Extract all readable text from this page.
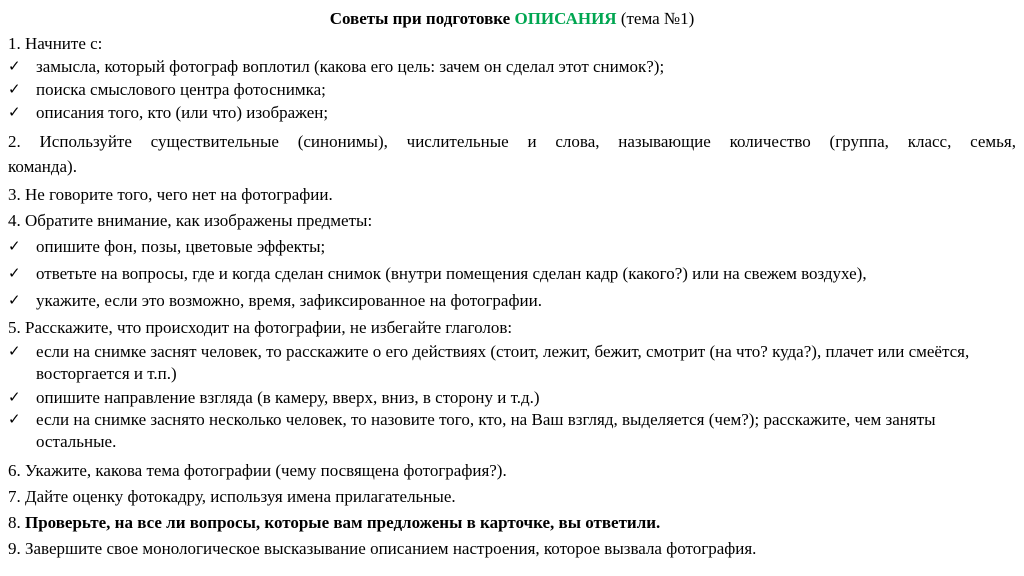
Советы при подготовке ОПИСАНИЯ (тема №1)
1. Начните с:
✓ замысла, который фотограф воплотил (какова его цель: зачем он сделал этот снимок?);
✓ поиска смыслового центра фотоснимка;
✓ описания того, кто (или что) изображен;
2. Используйте существительные (синонимы), числительные и слова, называющие количество (группа, класс, семья,
команда).
3. Не говорите того, чего нет на фотографии.
4. Обратите внимание, как изображены предметы:
✓ опишите фон, позы, цветовые эффекты;
✓ ответьте на вопросы, где и когда сделан снимок (внутри помещения сделан кадр (какого?) или на свежем воздухе),
✓ укажите, если это возможно, время, зафиксированное на фотографии.
5. Расскажите, что происходит на фотографии, не избегайте глаголов:
✓ если на снимке заснят человек, то расскажите о его действиях (стоит, лежит, бежит, смотрит (на что? куда?), плачет или смеётся, восторгается и т.п.)
✓ опишите направление взгляда (в камеру, вверх, вниз, в сторону и т.д.)
✓ если на снимке заснято несколько человек, то назовите того, кто, на Ваш взгляд, выделяется (чем?); расскажите, чем заняты остальные.
6. Укажите, какова тема фотографии (чему посвящена фотография?).
7. Дайте оценку фотокадру, используя имена прилагательные.
8. Проверьте, на все ли вопросы, которые вам предложены в карточке, вы ответили.
9. Завершите свое монологическое высказывание описанием настроения, которое вызвала фотография.
